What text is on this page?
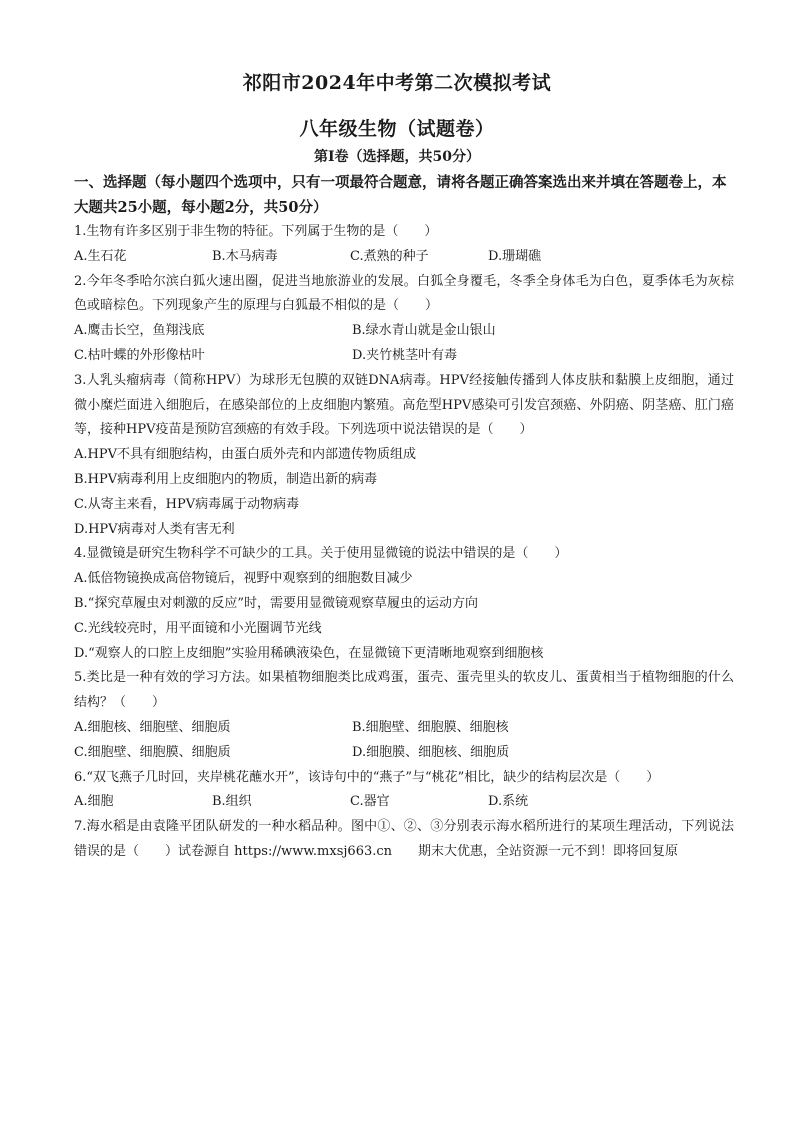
祁阳市2024年中考第二次模拟考试
八年级生物（试题卷）
第Ⅰ卷（选择题，共50分）
一、选择题（每小题四个选项中，只有一项最符合题意，请将各题正确答案选出来并填在答题卷上，本大题共25小题，每小题2分，共50分）
1.生物有许多区别于非生物的特征。下列属于生物的是（　　）
A.生石花	B.木马病毒	C.煮熟的种子	D.珊瑚礁
2.今年冬季哈尔滨白狐火速出圈，促进当地旅游业的发展。白狐全身覆毛，冬季全身体毛为白色，夏季体毛为灰棕色或暗棕色。下列现象产生的原理与白狐最不相似的是（　　）
A.鹰击长空，鱼翔浅底	B.绿水青山就是金山银山
C.枯叶蝶的外形像枯叶	D.夹竹桃茎叶有毒
3.人乳头瘤病毒（简称HPV）为球形无包膜的双链DNA病毒。HPV经接触传播到人体皮肤和黏膜上皮细胞，通过微小糜烂面进入细胞后，在感染部位的上皮细胞内繁殖。高危型HPV感染可引发宫颈癌、外阴癌、阴茎癌、肛门癌等，接种HPV疫苗是预防宫颈癌的有效手段。下列选项中说法错误的是（　　）
A.HPV不具有细胞结构，由蛋白质外壳和内部遗传物质组成
B.HPV病毒利用上皮细胞内的物质，制造出新的病毒
C.从寄主来看，HPV病毒属于动物病毒
D.HPV病毒对人类有害无利
4.显微镜是研究生物科学不可缺少的工具。关于使用显微镜的说法中错误的是（　　）
A.低倍物镜换成高倍物镜后，视野中观察到的细胞数目减少
B.“探究草履虫对刺激的反应”时，需要用显微镜观察草履虫的运动方向
C.光线较亮时，用平面镜和小光圈调节光线
D.“观察人的口腔上皮细胞”实验用稀碘液染色，在显微镜下更清晰地观察到细胞核
5.类比是一种有效的学习方法。如果植物细胞类比成鸡蛋，蛋壳、蛋壳里头的软皮儿、蛋黄相当于植物细胞的什么结构？（　　）
A.细胞核、细胞壁、细胞质	B.细胞壁、细胞膜、细胞核
C.细胞壁、细胞膜、细胞质	D.细胞膜、细胞核、细胞质
6.“双飞燕子几时回，夹岸桃花蘸水开”，该诗句中的“燕子”与“桃花”相比，缺少的结构层次是（　　）
A.细胞	B.组织	C.器官	D.系统
7.海水稻是由袁隆平团队研发的一种水稻品种。图中①、②、③分别表示海水稻所进行的某项生理活动，下列说法错误的是（　　）试卷源自 https://www.mxsj663.cn　　期末大优惠，全站资源一元不到！即将回复原
